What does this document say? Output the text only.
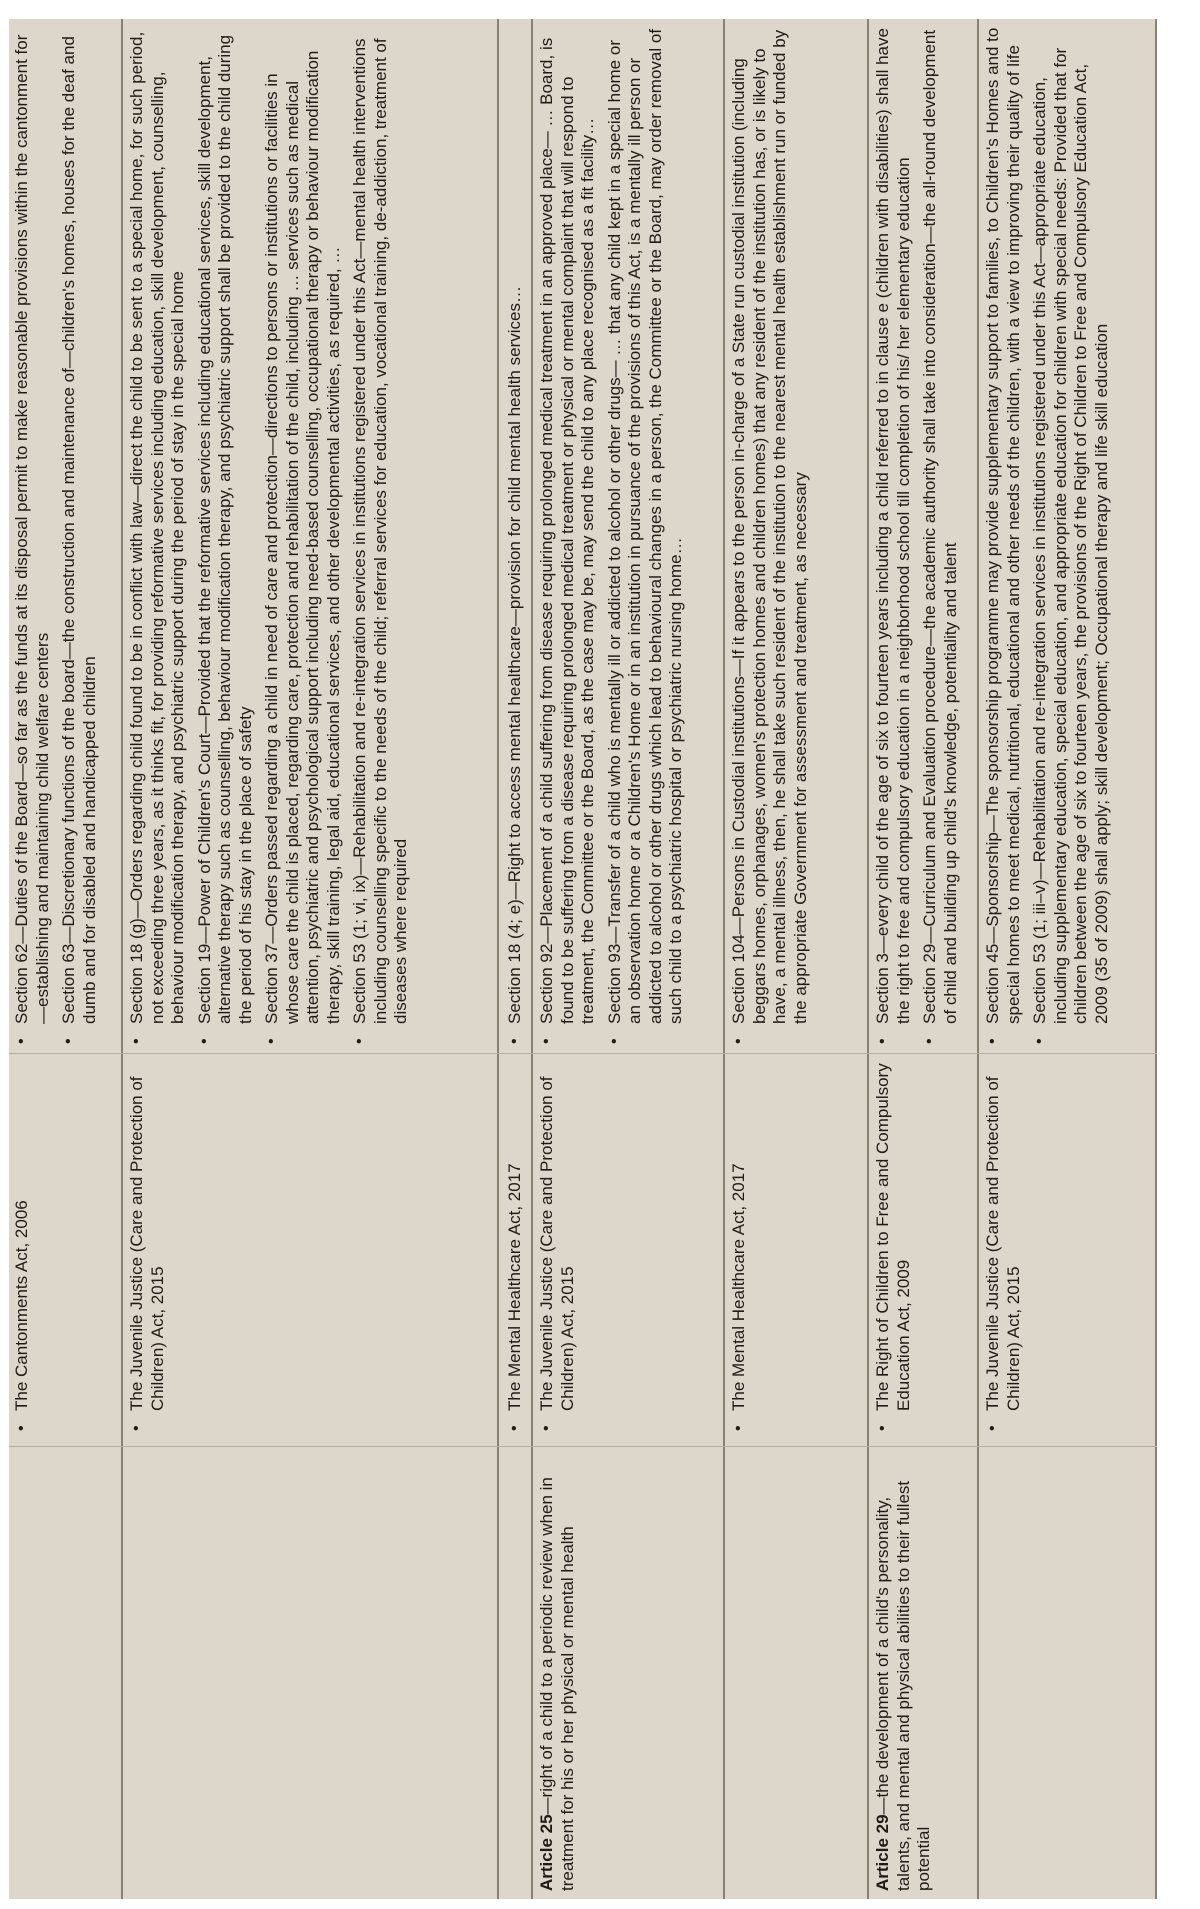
• The Cantonments Act, 2006
• Section 62—Duties of the Board—so far as the funds at its disposal permit to make reasonable provisions within the cantonment for—establishing and maintaining child welfare centers • Section 63—Discretionary functions of the board—the construction and maintenance of—children's homes, houses for the deaf and dumb and for disabled and handicapped children
• The Juvenile Justice (Care and Protection of Children) Act, 2015
• Section 18 (g)—Orders regarding child found to be in conflict with law—direct the child to be sent to a special home, for such period, not exceeding three years, as it thinks fit, for providing reformative services including education, skill development, counselling, behaviour modification therapy, and psychiatric support during the period of stay in the special home • Section 19—Power of Children's Court—Provided that the reformative services including educational services, skill development, alternative therapy such as counselling, behaviour modification therapy, and psychiatric support shall be provided to the child during the period of his stay in the place of safety • Section 37—Orders passed regarding a child in need of care and protection—directions to persons or institutions or facilities in whose care the child is placed, regarding care, protection and rehabilitation of the child, including … services such as medical attention, psychiatric and psychological support including need-based counselling, occupational therapy or behaviour modification therapy, skill training, legal aid, educational services, and other developmental activities, as required, … • Section 53 (1; vi, ix)—Rehabilitation and re-integration services in institutions registered under this Act—mental health interventions including counselling specific to the needs of the child; referral services for education, vocational training, de-addiction, treatment of diseases where required
• The Mental Healthcare Act, 2017
• Section 18 (4; e)—Right to access mental healthcare—provision for child mental health services…
Article 25—right of a child to a periodic review when in treatment for his or her physical or mental health
• The Juvenile Justice (Care and Protection of Children) Act, 2015
• Section 92—Placement of a child suffering from disease requiring prolonged medical treatment in an approved place— … Board, is found to be suffering from a disease requiring prolonged medical treatment or physical or mental complaint that will respond to treatment, the Committee or the Board, as the case may be, may send the child to any place recognised as a fit facility… • Section 93—Transfer of a child who is mentally ill or addicted to alcohol or other drugs— … that any child kept in a special home or an observation home or a Children's Home or in an institution in pursuance of the provisions of this Act, is a mentally ill person or addicted to alcohol or other drugs which lead to behavioural changes in a person, the Committee or the Board, may order removal of such child to a psychiatric hospital or psychiatric nursing home…
• The Mental Healthcare Act, 2017
• Section 104—Persons in Custodial institutions—If it appears to the person in-charge of a State run custodial institution (including beggars homes, orphanages, women's protection homes and children homes) that any resident of the institution has, or is likely to have, a mental illness, then, he shall take such resident of the institution to the nearest mental health establishment run or funded by the appropriate Government for assessment and treatment, as necessary
Article 29—the development of a child's personality, talents, and mental and physical abilities to their fullest potential
• The Right of Children to Free and Compulsory Education Act, 2009
• Section 3—every child of the age of six to fourteen years including a child referred to in clause e (children with disabilities) shall have the right to free and compulsory education in a neighborhood school till completion of his/ her elementary education • Section 29—Curriculum and Evaluation procedure—the academic authority shall take into consideration—the all-round development of child and building up child's knowledge, potentiality and talent
• The Juvenile Justice (Care and Protection of Children) Act, 2015
• Section 45—Sponsorship—The sponsorship programme may provide supplementary support to families, to Children's Homes and to special homes to meet medical, nutritional, educational and other needs of the children, with a view to improving their quality of life • Section 53 (1; iii–v)—Rehabilitation and re-integration services in institutions registered under this Act—appropriate education, including supplementary education, special education, and appropriate education for children with special needs: Provided that for children between the age of six to fourteen years, the provisions of the Right of Children to Free and Compulsory Education Act, 2009 (35 of 2009) shall apply; skill development; Occupational therapy and life skill education
